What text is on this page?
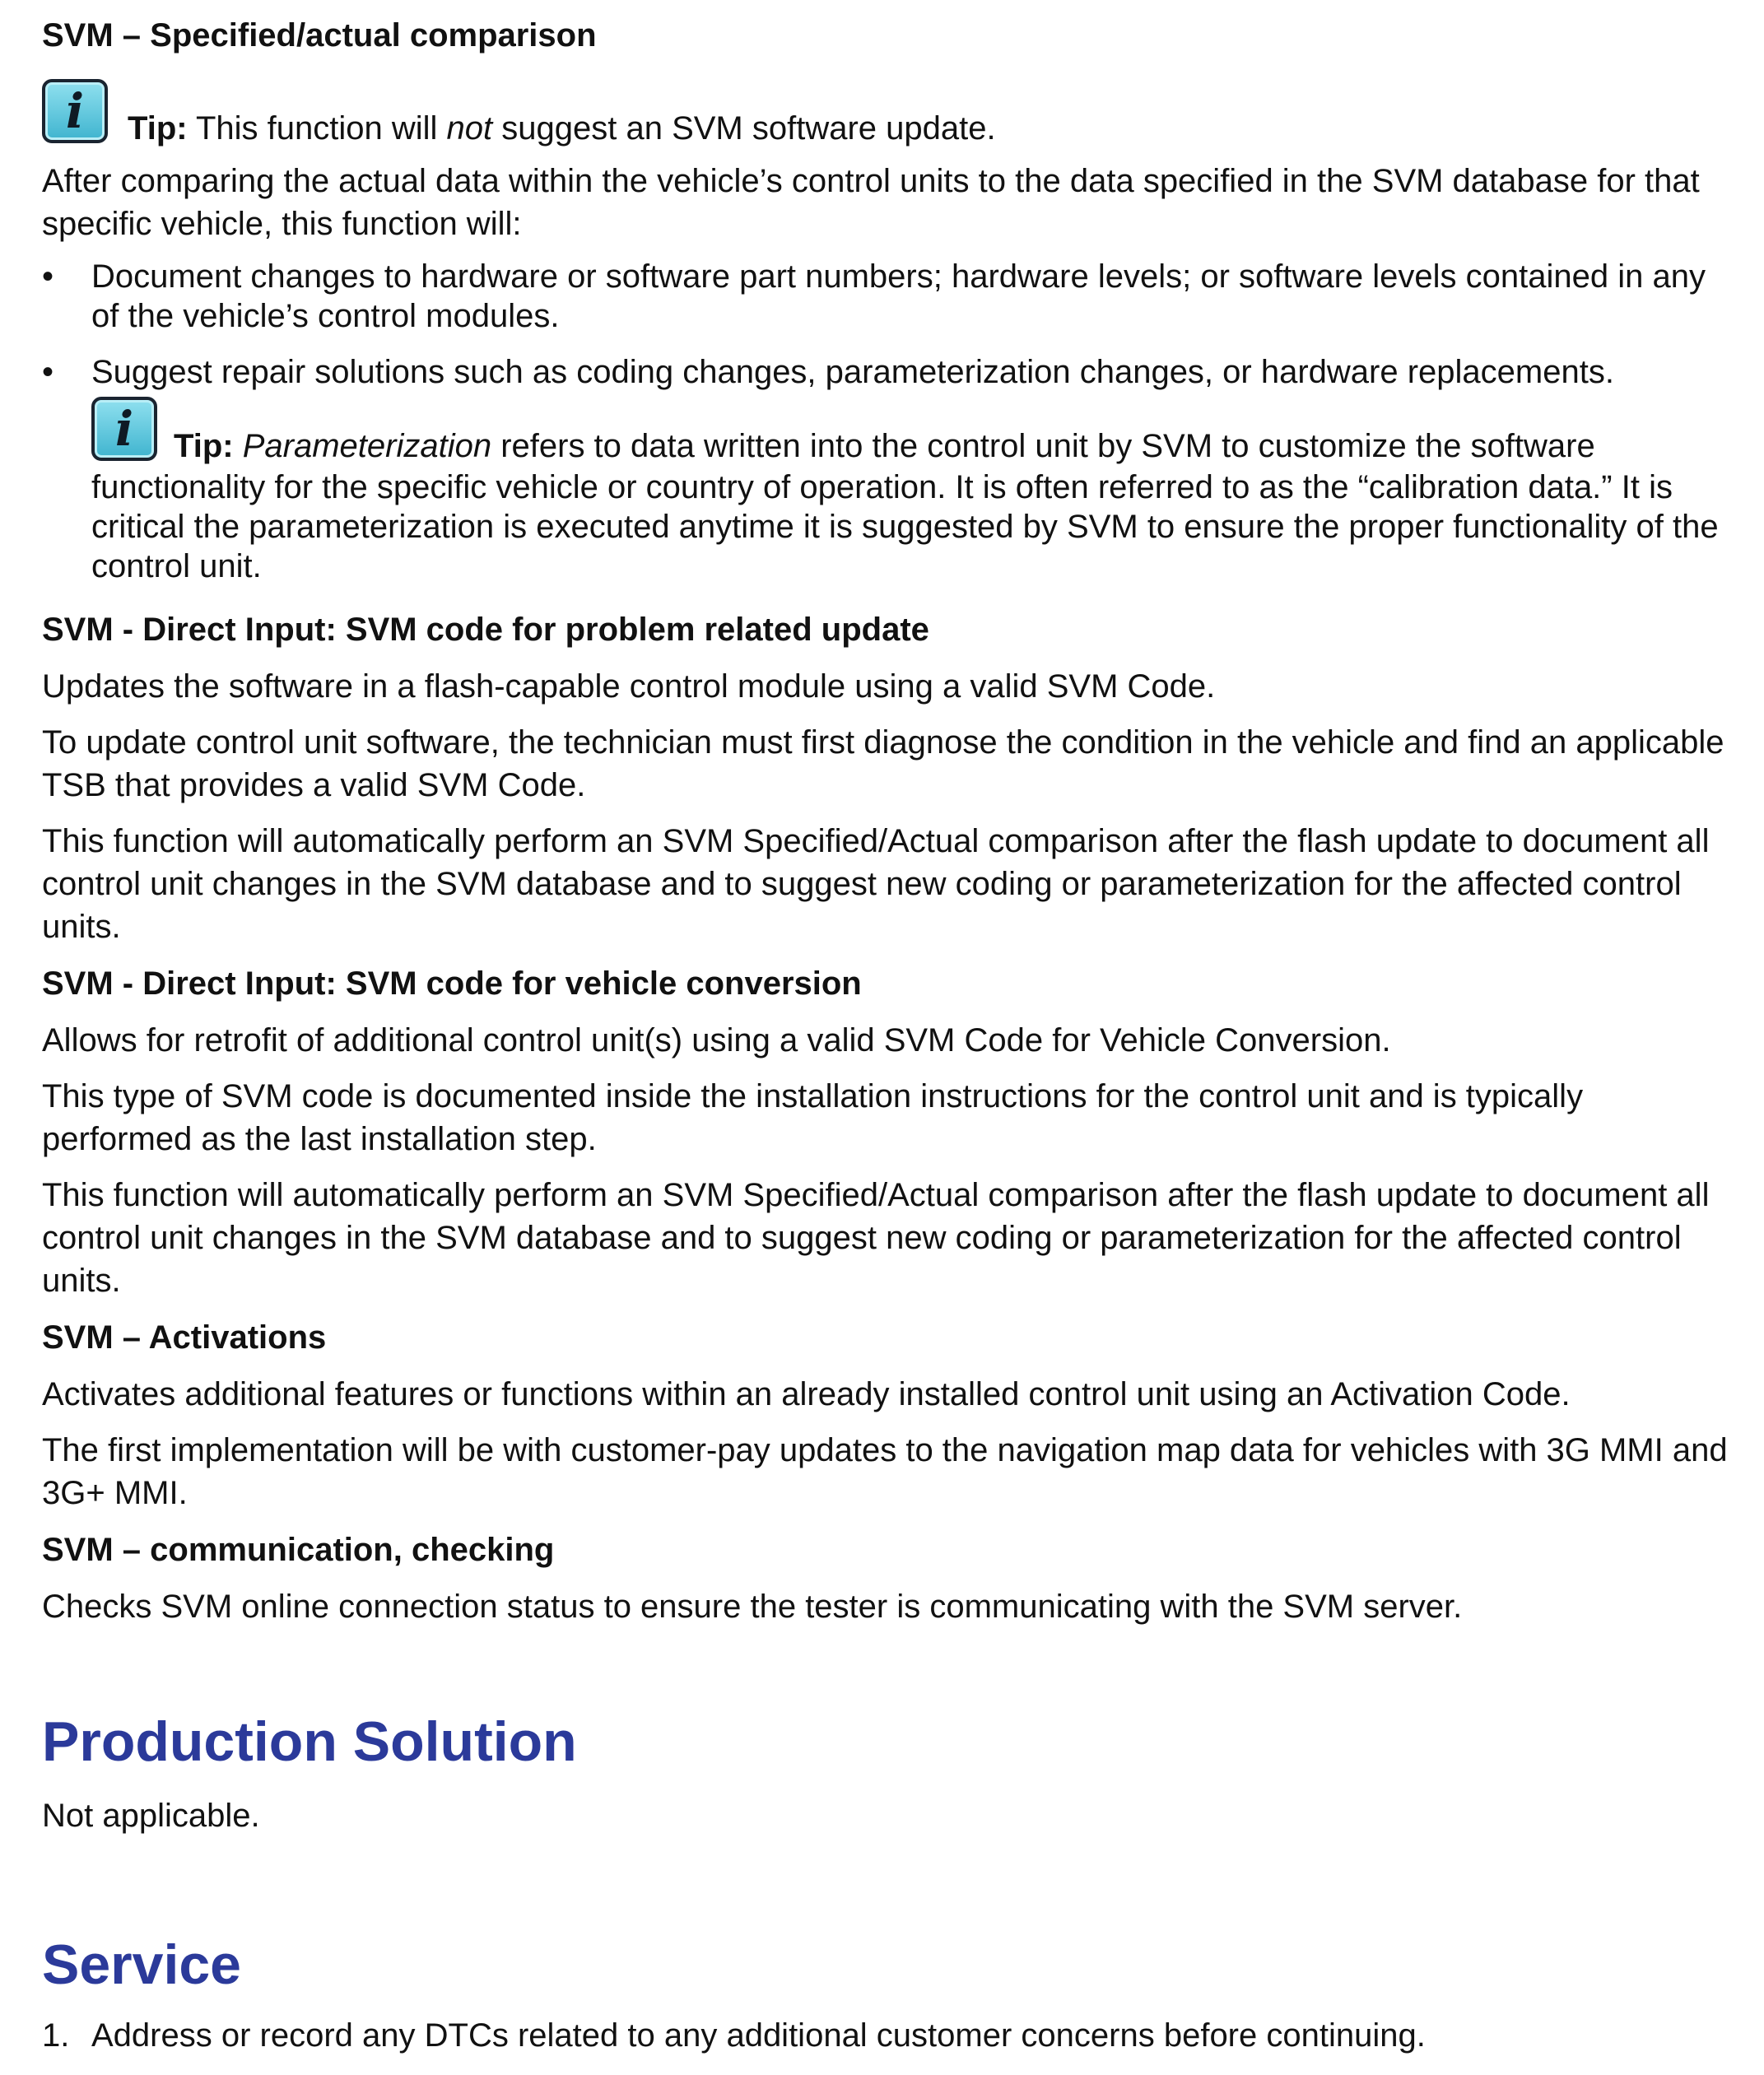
SVM – Specified/actual comparison
i Tip: This function will not suggest an SVM software update.

After comparing the actual data within the vehicle’s control units to the data specified in the SVM database for that specific vehicle, this function will:

• Document changes to hardware or software part numbers; hardware levels; or software levels contained in any of the vehicle’s control modules.
• Suggest repair solutions such as coding changes, parameterization changes, or hardware replacements.
i Tip: Parameterization refers to data written into the control unit by SVM to customize the software
functionality for the specific vehicle or country of operation. It is often referred to as the “calibration data.” It is critical the parameterization is executed anytime it is suggested by SVM to ensure the proper functionality of the control unit.
SVM - Direct Input: SVM code for problem related update

Updates the software in a flash-capable control module using a valid SVM Code.

To update control unit software, the technician must first diagnose the condition in the vehicle and find an applicable TSB that provides a valid SVM Code.

This function will automatically perform an SVM Specified/Actual comparison after the flash update to document all control unit changes in the SVM database and to suggest new coding or parameterization for the affected control units.

SVM - Direct Input: SVM code for vehicle conversion

Allows for retrofit of additional control unit(s) using a valid SVM Code for Vehicle Conversion.

This type of SVM code is documented inside the installation instructions for the control unit and is typically performed as the last installation step.

This function will automatically perform an SVM Specified/Actual comparison after the flash update to document all control unit changes in the SVM database and to suggest new coding or parameterization for the affected control units.

SVM – Activations

Activates additional features or functions within an already installed control unit using an Activation Code.

The first implementation will be with customer-pay updates to the navigation map data for vehicles with 3G MMI and 3G+ MMI.

SVM – communication, checking

Checks SVM online connection status to ensure the tester is communicating with the SVM server.

Production Solution

Not applicable.

Service
1. Address or record any DTCs related to any additional customer concerns before continuing.
